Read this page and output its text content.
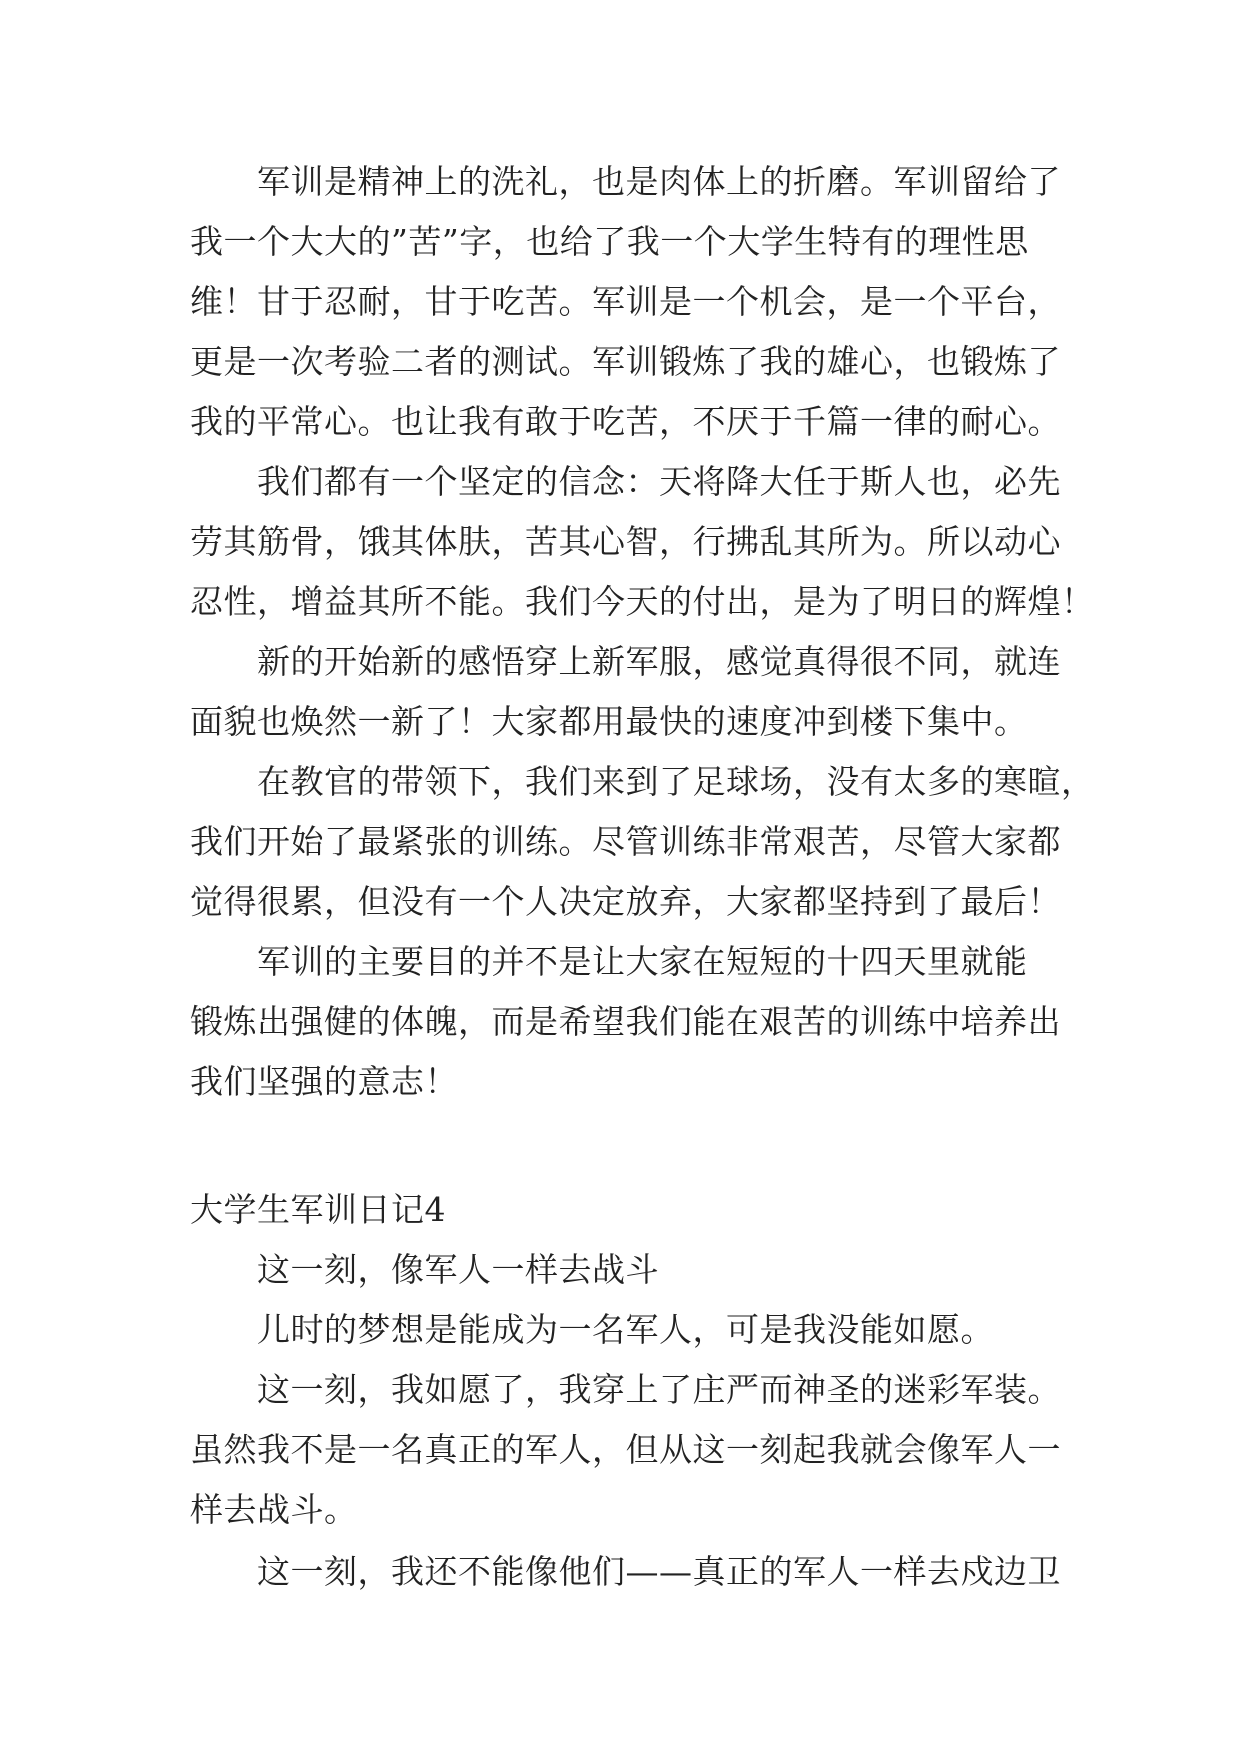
军训是精神上的洗礼，也是肉体上的折磨。军训留给了
我一个大大的”苦”字，也给了我一个大学生特有的理性思
维！甘于忍耐，甘于吃苦。军训是一个机会，是一个平台，
更是一次考验二者的测试。军训锻炼了我的雄心，也锻炼了
我的平常心。也让我有敢于吃苦，不厌于千篇一律的耐心。
我们都有一个坚定的信念：天将降大任于斯人也，必先
劳其筋骨，饿其体肤，苦其心智，行拂乱其所为。所以动心
忍性，增益其所不能。我们今天的付出，是为了明日的辉煌！
新的开始新的感悟穿上新军服，感觉真得很不同，就连
面貌也焕然一新了！大家都用最快的速度冲到楼下集中。
在教官的带领下，我们来到了足球场，没有太多的寒暄，
我们开始了最紧张的训练。尽管训练非常艰苦，尽管大家都
觉得很累，但没有一个人决定放弃，大家都坚持到了最后！
军训的主要目的并不是让大家在短短的十四天里就能
锻炼出强健的体魄，而是希望我们能在艰苦的训练中培养出
我们坚强的意志！
大学生军训日记4
这一刻，像军人一样去战斗
儿时的梦想是能成为一名军人，可是我没能如愿。
这一刻，我如愿了，我穿上了庄严而神圣的迷彩军装。
虽然我不是一名真正的军人，但从这一刻起我就会像军人一
样去战斗。
这一刻，我还不能像他们——真正的军人一样去戍边卫
